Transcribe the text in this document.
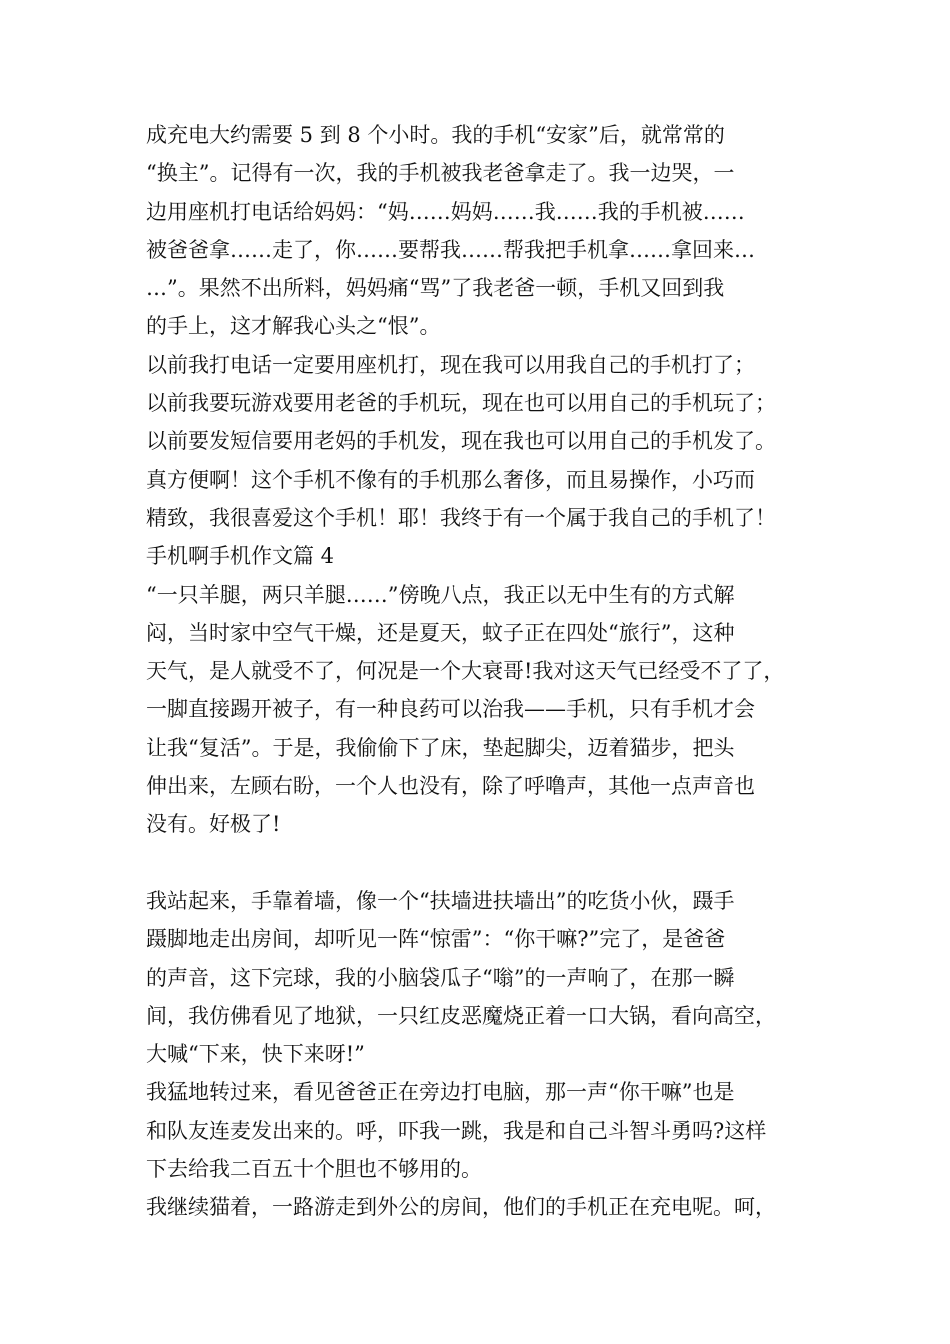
成充电大约需要 5 到 8 个小时。我的手机“安家”后，就常常的
“换主”。记得有一次，我的手机被我老爸拿走了。我一边哭，一
边用座机打电话给妈妈：“妈……妈妈……我……我的手机被……
被爸爸拿……走了，你……要帮我……帮我把手机拿……拿回来…
…”。果然不出所料，妈妈痛“骂”了我老爸一顿，手机又回到我
的手上，这才解我心头之“恨”。
以前我打电话一定要用座机打，现在我可以用我自己的手机打了；
以前我要玩游戏要用老爸的手机玩，现在也可以用自己的手机玩了；
以前要发短信要用老妈的手机发，现在我也可以用自己的手机发了。
真方便啊！这个手机不像有的手机那么奢侈，而且易操作，小巧而
精致，我很喜爱这个手机！耶！我终于有一个属于我自己的手机了！
手机啊手机作文篇 4
“一只羊腿，两只羊腿……”傍晚八点，我正以无中生有的方式解
闷，当时家中空气干燥，还是夏天，蚊子正在四处“旅行”，这种
天气，是人就受不了，何况是一个大衰哥!我对这天气已经受不了了，
一脚直接踢开被子，有一种良药可以治我——手机，只有手机才会
让我“复活”。于是，我偷偷下了床，垫起脚尖，迈着猫步，把头
伸出来，左顾右盼，一个人也没有，除了呼噜声，其他一点声音也
没有。好极了!
我站起来，手靠着墙，像一个“扶墙进扶墙出”的吃货小伙，蹑手
蹑脚地走出房间，却听见一阵“惊雷”：“你干嘛?”完了，是爸爸
的声音，这下完球，我的小脑袋瓜子“嗡”的一声响了，在那一瞬
间，我仿佛看见了地狱，一只红皮恶魔烧正着一口大锅，看向高空，
大喊“下来，快下来呀!”
我猛地转过来，看见爸爸正在旁边打电脑，那一声“你干嘛”也是
和队友连麦发出来的。呼，吓我一跳，我是和自己斗智斗勇吗?这样
下去给我二百五十个胆也不够用的。
我继续猫着，一路游走到外公的房间，他们的手机正在充电呢。呵，
